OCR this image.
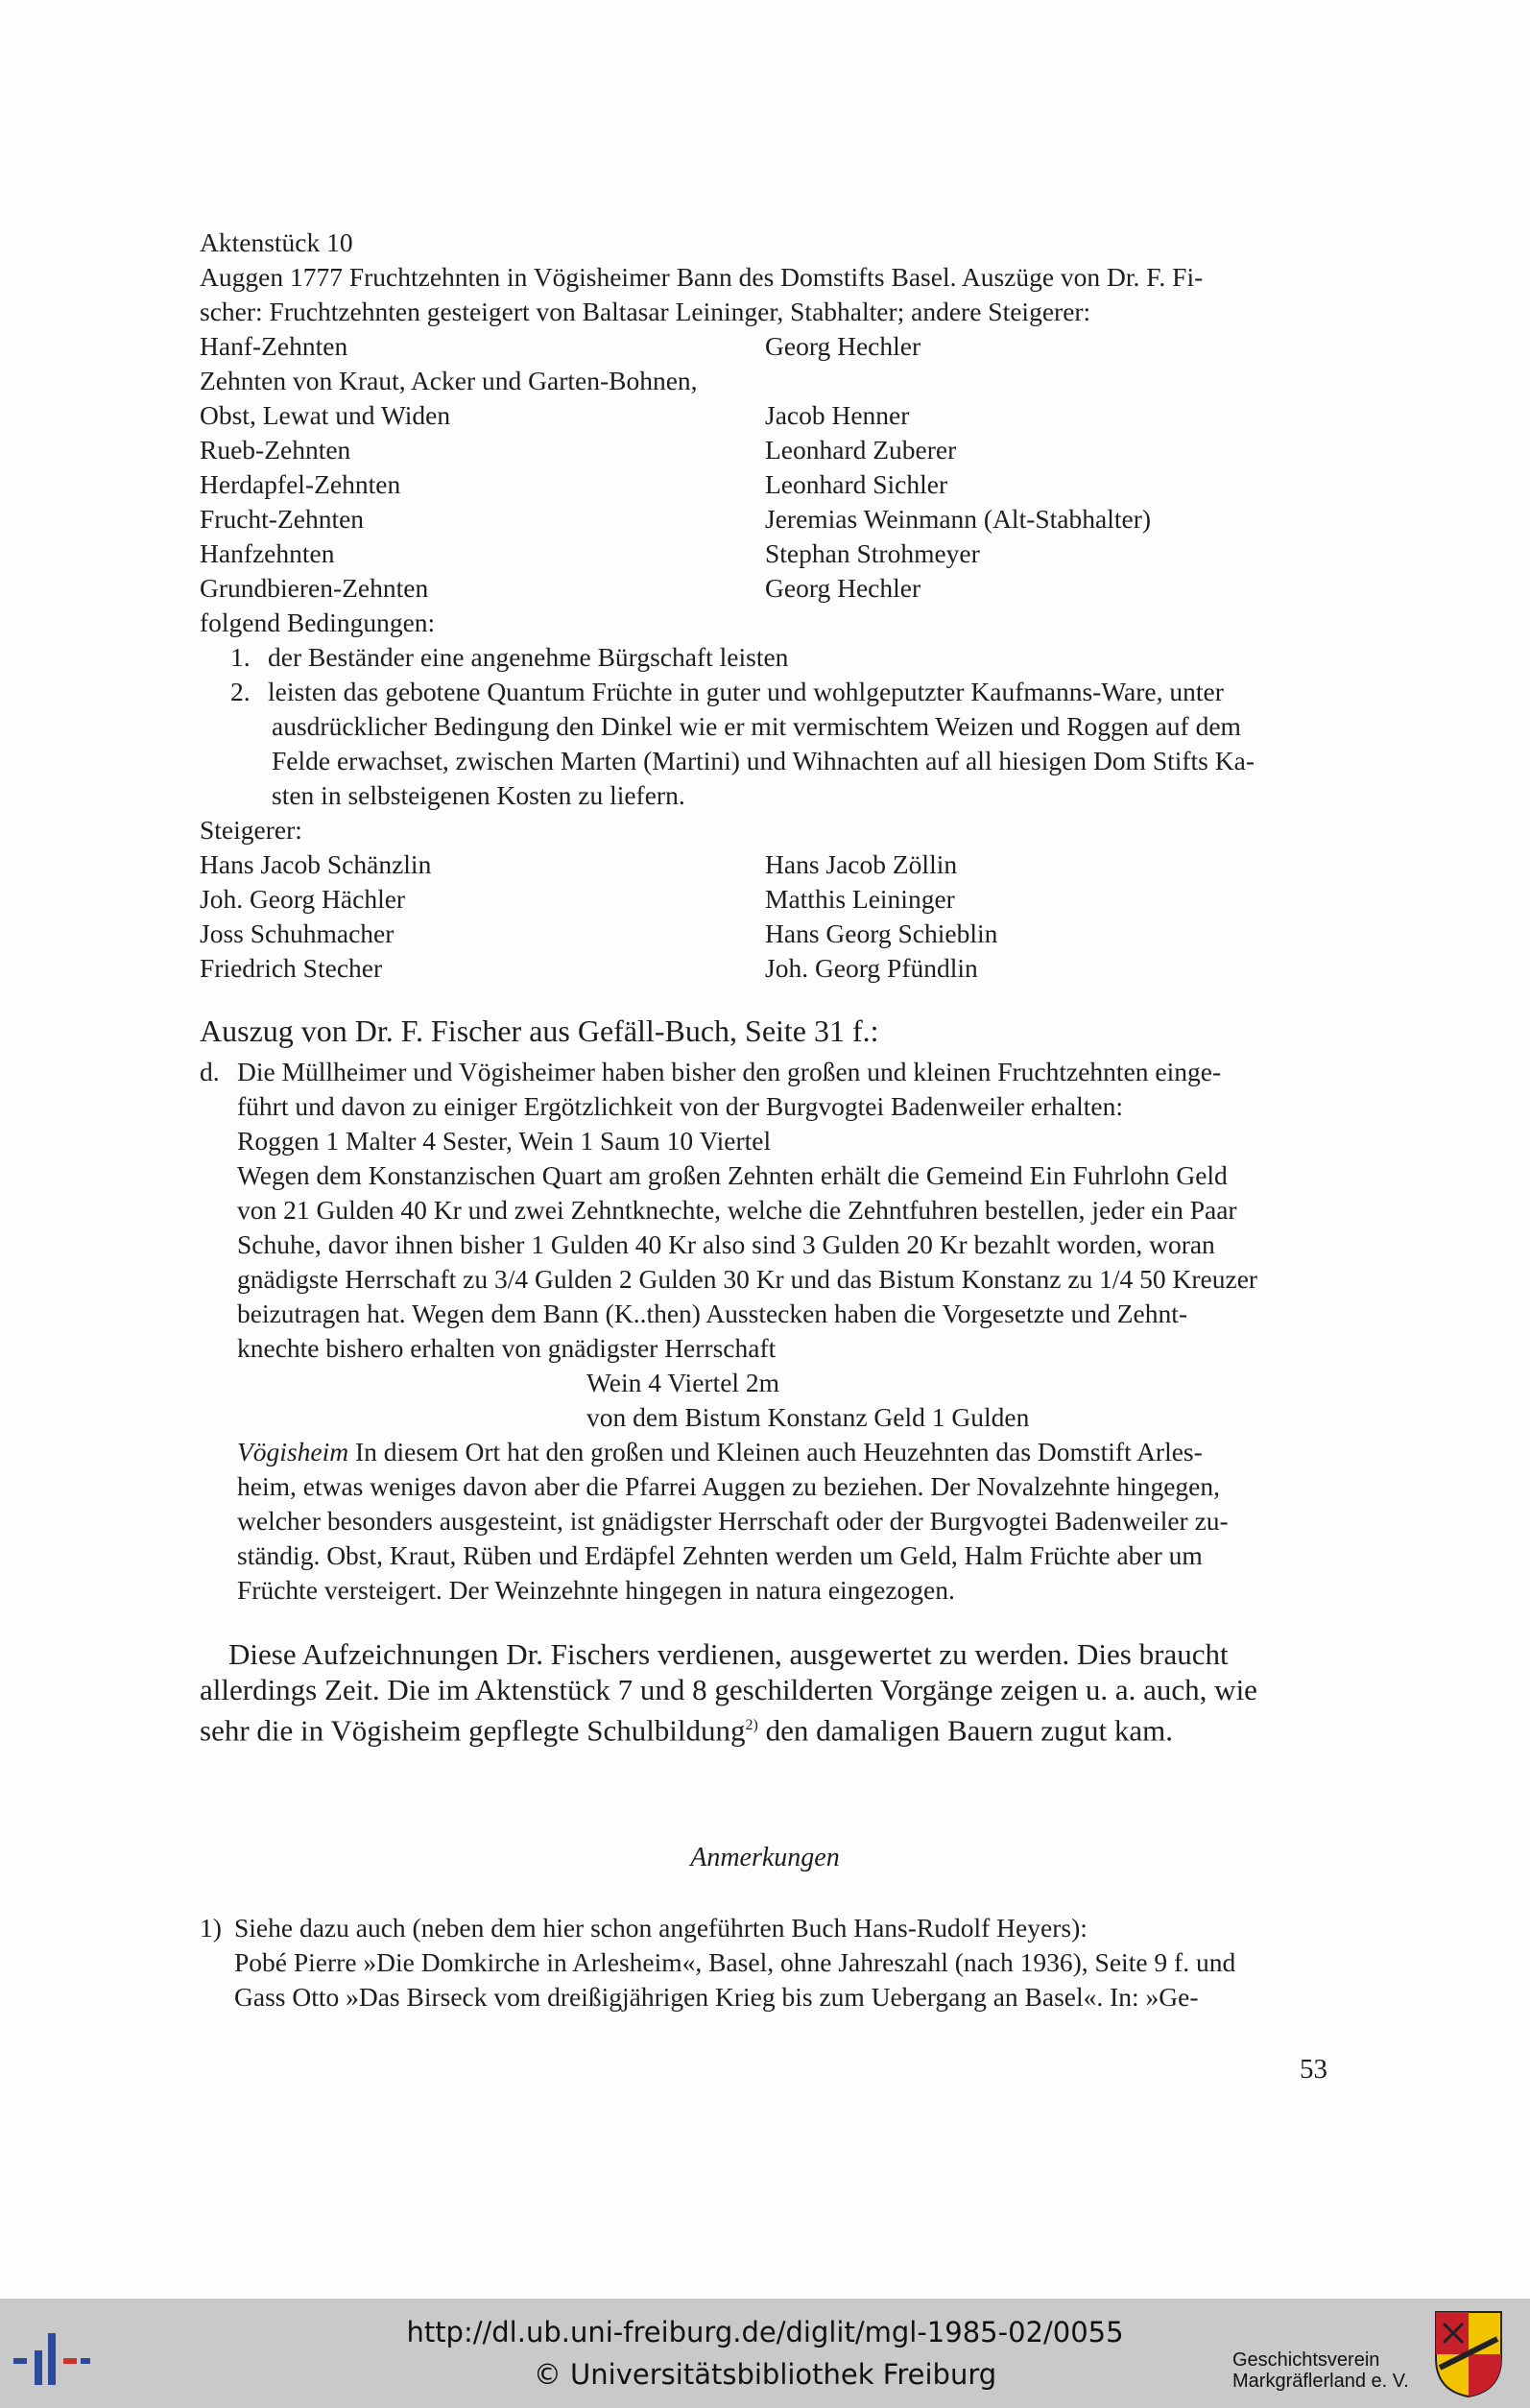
Aktenstück 10
Auggen 1777 Fruchtzehnten in Vögisheimer Bann des Domstifts Basel. Auszüge von Dr. F. Fi-
scher: Fruchtzehnten gesteigert von Baltasar Leininger, Stabhalter; andere Steigerer:
Hanf-Zehnten	Georg Hechler
Zehnten von Kraut, Acker und Garten-Bohnen,
Obst, Lewat und Widen	Jacob Henner
Rueb-Zehnten	Leonhard Zuberer
Herdapfel-Zehnten	Leonhard Sichler
Frucht-Zehnten	Jeremias Weinmann (Alt-Stabhalter)
Hanfzehnten	Stephan Strohmeyer
Grundbieren-Zehnten	Georg Hechler
folgend Bedingungen:
1. der Beständer eine angenehme Bürgschaft leisten
2. leisten das gebotene Quantum Früchte in guter und wohlgeputzter Kaufmanns-Ware, unter
ausdrücklicher Bedingung den Dinkel wie er mit vermischtem Weizen und Roggen auf dem
Felde erwachset, zwischen Marten (Martini) und Wihnachten auf all hiesigen Dom Stifts Ka-
sten in selbsteigenen Kosten zu liefern.
Steigerer:
Hans Jacob Schänzlin	Hans Jacob Zöllin
Joh. Georg Hächler	Matthis Leininger
Joss Schuhmacher	Hans Georg Schieblin
Friedrich Stecher	Joh. Georg Pfündlin
Auszug von Dr. F. Fischer aus Gefäll-Buch, Seite 31 f.:
d. Die Müllheimer und Vögisheimer haben bisher den großen und kleinen Fruchtzehnten einge-
führt und davon zu einiger Ergötzlichkeit von der Burgvogtei Badenweiler erhalten:
Roggen 1 Malter 4 Sester, Wein 1 Saum 10 Viertel
Wegen dem Konstanzischen Quart am großen Zehnten erhält die Gemeind Ein Fuhrlohn Geld
von 21 Gulden 40 Kr und zwei Zehntknechte, welche die Zehntfuhren bestellen, jeder ein Paar
Schuhe, davor ihnen bisher 1 Gulden 40 Kr also sind 3 Gulden 20 Kr bezahlt worden, woran
gnädigste Herrschaft zu 3/4 Gulden 2 Gulden 30 Kr und das Bistum Konstanz zu 1/4 50 Kreuzer
beizutragen hat. Wegen dem Bann (K..then) Ausstecken haben die Vorgesetzte und Zehnt-
knechte bishero erhalten von gnädigster Herrschaft
Wein 4 Viertel 2m
von dem Bistum Konstanz Geld 1 Gulden
Vögisheim In diesem Ort hat den großen und Kleinen auch Heuzehnten das Domstift Arles-
heim, etwas weniges davon aber die Pfarrei Auggen zu beziehen. Der Novalzehnte hingegen,
welcher besonders ausgesteint, ist gnädigster Herrschaft oder der Burgvogtei Badenweiler zu-
ständig. Obst, Kraut, Rüben und Erdäpfel Zehnten werden um Geld, Halm Früchte aber um
Früchte versteigert. Der Weinzehnte hingegen in natura eingezogen.
Diese Aufzeichnungen Dr. Fischers verdienen, ausgewertet zu werden. Dies braucht
allerdings Zeit. Die im Aktenstück 7 und 8 geschilderten Vorgänge zeigen u. a. auch, wie
sehr die in Vögisheim gepflegte Schulbildung$^{2)}$ den damaligen Bauern zugut kam.
Anmerkungen
1) Siehe dazu auch (neben dem hier schon angeführten Buch Hans-Rudolf Heyers):
Pobé Pierre »Die Domkirche in Arlesheim«, Basel, ohne Jahreszahl (nach 1936), Seite 9 f. und
Gass Otto »Das Birseck vom dreißigjährigen Krieg bis zum Uebergang an Basel«. In: »Ge-
53
http://dl.ub.uni-freiburg.de/diglit/mgl-1985-02/0055
© Universitätsbibliothek Freiburg	Geschichtsverein
Markgräflerland e. V.
